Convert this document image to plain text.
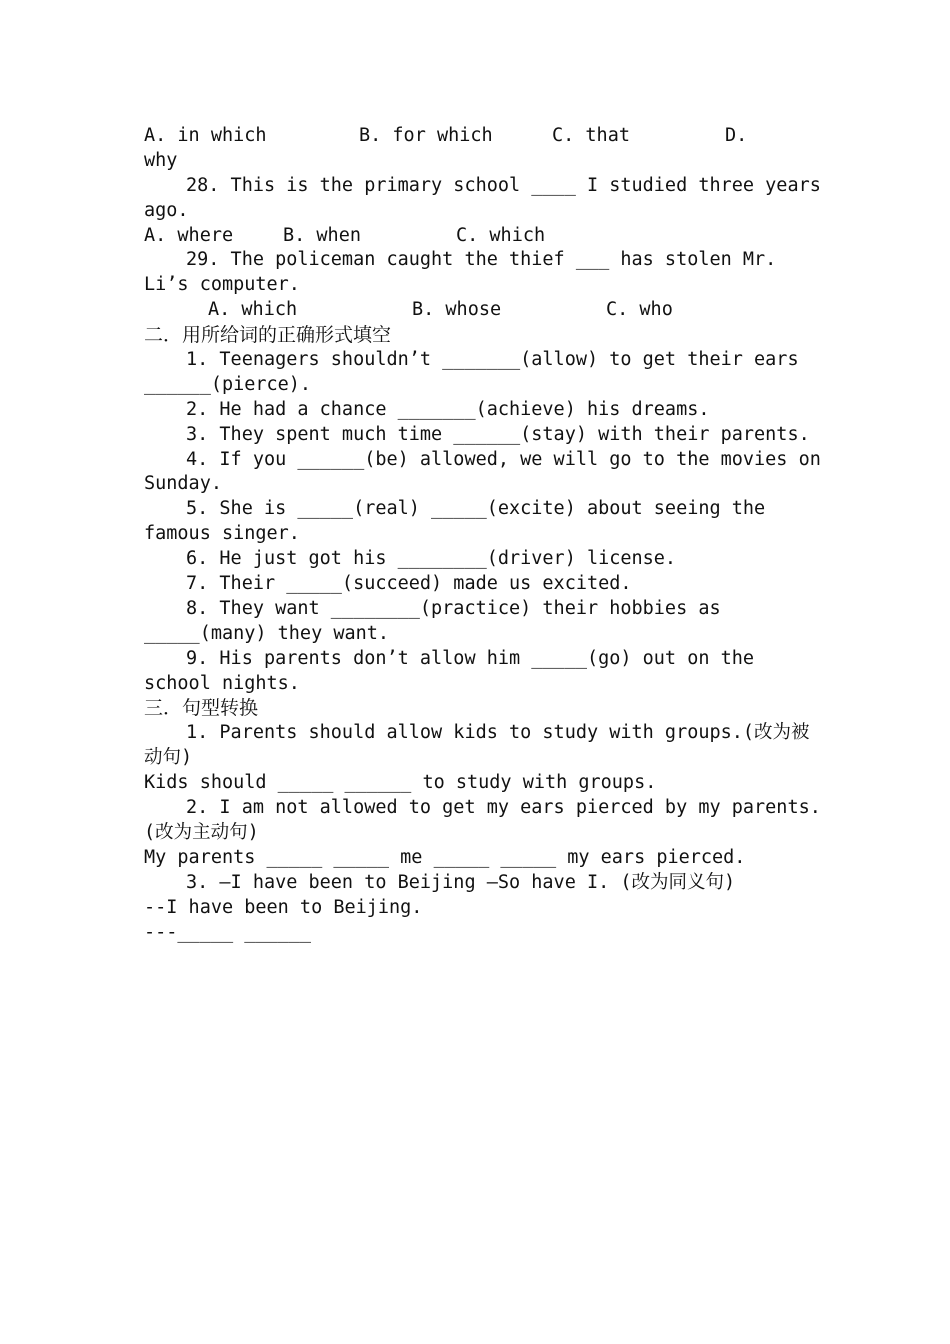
A. in which	B. for which	C. that	D.
why
28. This is the primary school ____ I studied three years
ago.
A. where	B. when	C. which
29. The policeman caught the thief ___ has stolen Mr.
Li’s computer.
A. which	B. whose	C. who
二．用所给词的正确形式填空
1. Teenagers shouldn’t _______(allow) to get their ears
______(pierce).
2. He had a chance _______(achieve) his dreams.
3. They spent much time ______(stay) with their parents.
4. If you ______(be) allowed, we will go to the movies on
Sunday.
5. She is _____(real) _____(excite) about seeing the
famous singer.
6. He just got his ________(driver) license.
7. Their _____(succeed) made us excited.
8. They want ________(practice) their hobbies as
_____(many) they want.
9. His parents don’t allow him _____(go) out on the
school nights.
三．句型转换
1. Parents should allow kids to study with groups.(改为被
动句)
Kids should _____ ______ to study with groups.
2. I am not allowed to get my ears pierced by my parents.
(改为主动句)
My parents _____ _____ me _____ _____ my ears pierced.
3. –I have been to Beijing –So have I. (改为同义句)
--I have been to Beijing.
---_____ ______
